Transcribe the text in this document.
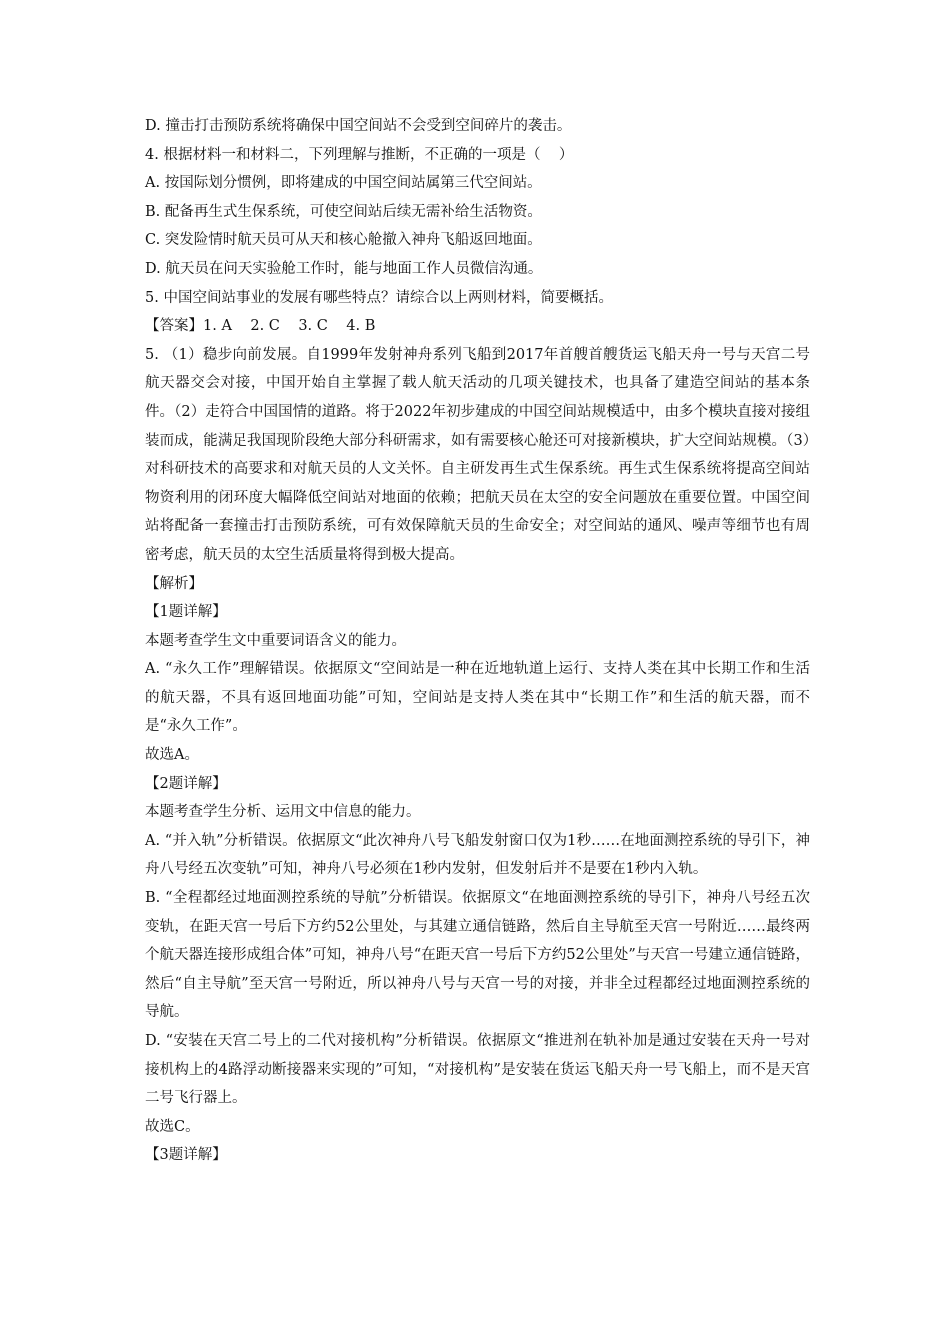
D. 撞击打击预防系统将确保中国空间站不会受到空间碎片的袭击。
4. 根据材料一和材料二，下列理解与推断，不正确的一项是（    ）
A. 按国际划分惯例，即将建成的中国空间站属第三代空间站。
B. 配备再生式生保系统，可使空间站后续无需补给生活物资。
C. 突发险情时航天员可从天和核心舱撤入神舟飞船返回地面。
D. 航天员在问天实验舱工作时，能与地面工作人员微信沟通。
5. 中国空间站事业的发展有哪些特点？请综合以上两则材料，简要概括。
【答案】1. A    2. C    3. C    4. B
5. （1）稳步向前发展。自1999年发射神舟系列飞船到2017年首艘首艘货运飞船天舟一号与天宫二号航天器交会对接，中国开始自主掌握了载人航天活动的几项关键技术，也具备了建造空间站的基本条件。（2）走符合中国国情的道路。将于2022年初步建成的中国空间站规模适中，由多个模块直接对接组装而成，能满足我国现阶段绝大部分科研需求，如有需要核心舱还可对接新模块，扩大空间站规模。（3）对科研技术的高要求和对航天员的人文关怀。自主研发再生式生保系统。再生式生保系统将提高空间站物资利用的闭环度大幅降低空间站对地面的依赖；把航天员在太空的安全问题放在重要位置。中国空间站将配备一套撞击打击预防系统，可有效保障航天员的生命安全；对空间站的通风、噪声等细节也有周密考虑，航天员的太空生活质量将得到极大提高。
【解析】
【1题详解】
本题考查学生文中重要词语含义的能力。
A. “永久工作”理解错误。依据原文“空间站是一种在近地轨道上运行、支持人类在其中长期工作和生活的航天器，不具有返回地面功能”可知，空间站是支持人类在其中“长期工作”和生活的航天器，而不是“永久工作”。
故选A。
【2题详解】
本题考查学生分析、运用文中信息的能力。
A. “并入轨”分析错误。依据原文“此次神舟八号飞船发射窗口仅为1秒……在地面测控系统的导引下，神舟八号经五次变轨”可知，神舟八号必须在1秒内发射，但发射后并不是要在1秒内入轨。
B. “全程都经过地面测控系统的导航”分析错误。依据原文“在地面测控系统的导引下，神舟八号经五次变轨，在距天宫一号后下方约52公里处，与其建立通信链路，然后自主导航至天宫一号附近……最终两个航天器连接形成组合体”可知，神舟八号“在距天宫一号后下方约52公里处”与天宫一号建立通信链路，然后“自主导航”至天宫一号附近，所以神舟八号与天宫一号的对接，并非全过程都经过地面测控系统的导航。
D. “安装在天宫二号上的二代对接机构”分析错误。依据原文“推进剂在轨补加是通过安装在天舟一号对接机构上的4路浮动断接器来实现的”可知，“对接机构”是安装在货运飞船天舟一号飞船上，而不是天宫二号飞行器上。
故选C。
【3题详解】
